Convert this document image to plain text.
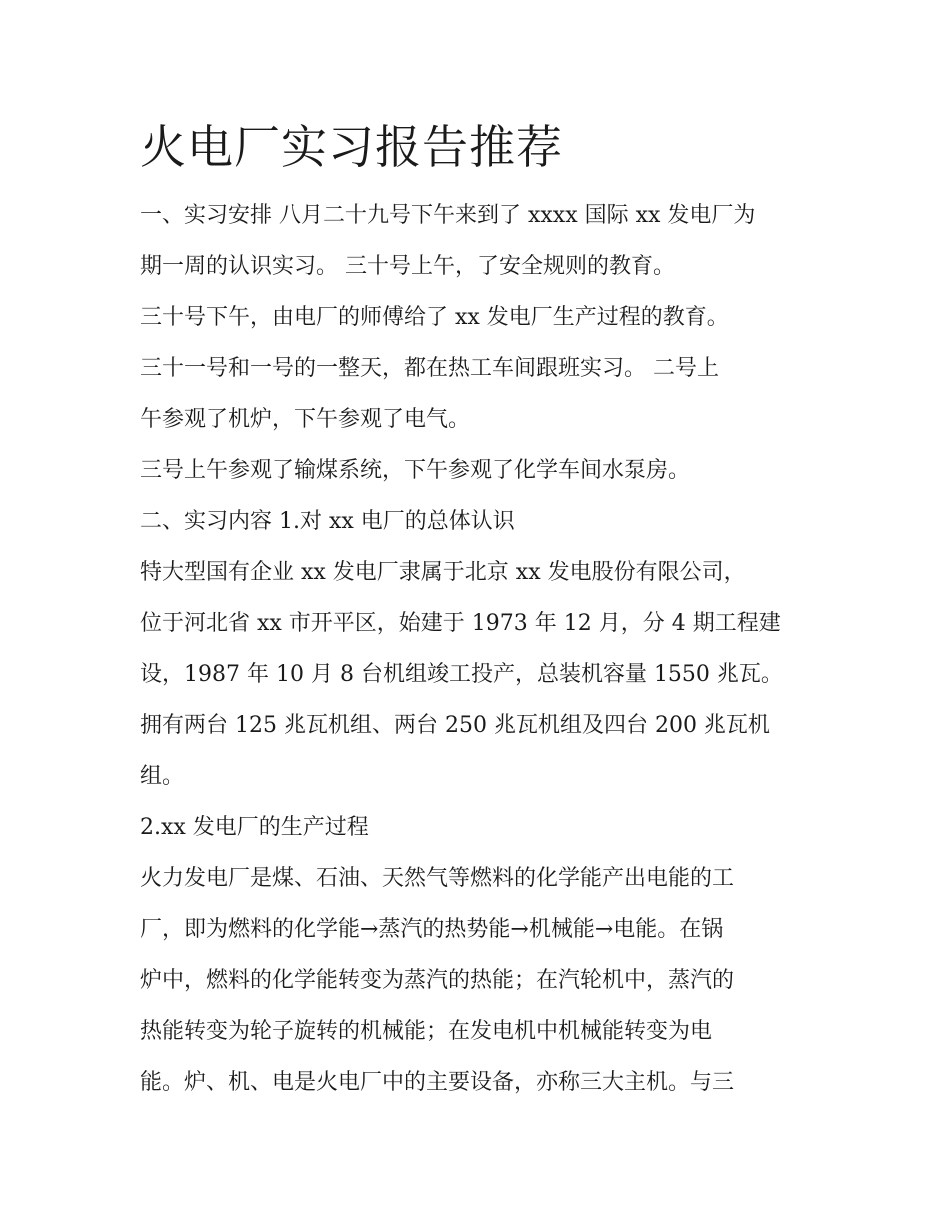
火电厂实习报告推荐

一、实习安排 八月二十九号下午来到了 xxxx 国际 xx 发电厂为

期一周的认识实习。 三十号上午，了安全规则的教育。

三十号下午，由电厂的师傅给了 xx 发电厂生产过程的教育。

三十一号和一号的一整天，都在热工车间跟班实习。 二号上

午参观了机炉，下午参观了电气。

三号上午参观了输煤系统，下午参观了化学车间水泵房。

二、实习内容 1.对 xx 电厂的总体认识

特大型国有企业 xx 发电厂隶属于北京 xx 发电股份有限公司，

位于河北省 xx 市开平区，始建于 1973 年 12 月，分 4 期工程建

设，1987 年 10 月 8 台机组竣工投产，总装机容量 1550 兆瓦。

拥有两台 125 兆瓦机组、两台 250 兆瓦机组及四台 200 兆瓦机

组。

2.xx 发电厂的生产过程

火力发电厂是煤、石油、天然气等燃料的化学能产出电能的工

厂，即为燃料的化学能→蒸汽的热势能→机械能→电能。在锅

炉中，燃料的化学能转变为蒸汽的热能；在汽轮机中，蒸汽的

热能转变为轮子旋转的机械能；在发电机中机械能转变为电

能。炉、机、电是火电厂中的主要设备，亦称三大主机。与三
